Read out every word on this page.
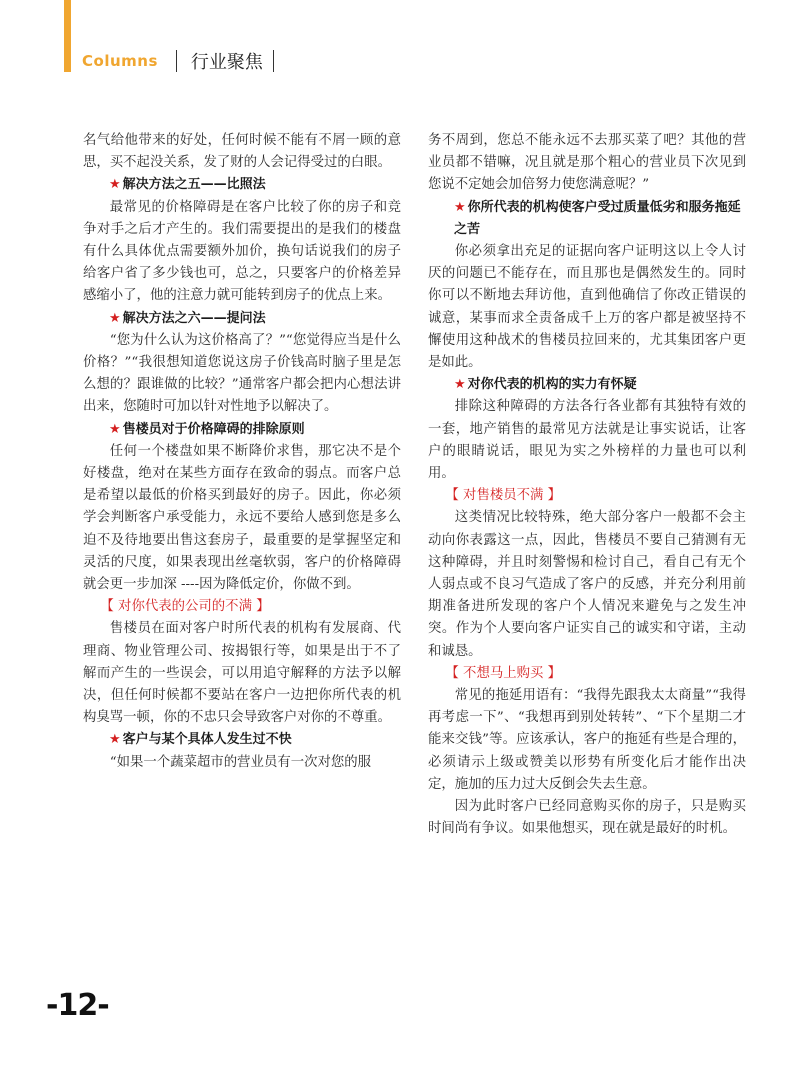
Columns 行业聚焦

名气给他带来的好处，任何时候不能有不屑一顾的意思，买不起没关系，发了财的人会记得受过的白眼。

★ 解决方法之五——比照法

最常见的价格障碍是在客户比较了你的房子和竞争对手之后才产生的。我们需要提出的是我们的楼盘有什么具体优点需要额外加价，换句话说我们的房子给客户省了多少钱也可，总之，只要客户的价格差异感缩小了，他的注意力就可能转到房子的优点上来。

★ 解决方法之六——提问法

“您为什么认为这价格高了？”“您觉得应当是什么价格？”“我很想知道您说这房子价钱高时脑子里是怎么想的？跟谁做的比较？”通常客户都会把内心想法讲出来，您随时可加以针对性地予以解决了。

★ 售楼员对于价格障碍的排除原则

任何一个楼盘如果不断降价求售，那它决不是个好楼盘，绝对在某些方面存在致命的弱点。而客户总是希望以最低的价格买到最好的房子。因此，你必须学会判断客户承受能力，永远不要给人感到您是多么迫不及待地要出售这套房子，最重要的是掌握坚定和灵活的尺度，如果表现出丝毫软弱，客户的价格障碍就会更一步加深 ----因为降低定价，你做不到。

【 对你代表的公司的不满 】

售楼员在面对客户时所代表的机构有发展商、代理商、物业管理公司、按揭银行等，如果是出于不了解而产生的一些误会，可以用追守解释的方法予以解决，但任何时候都不要站在客户一边把你所代表的机构臭骂一顿，你的不忠只会导致客户对你的不尊重。

★ 客户与某个具体人发生过不快

“如果一个蔬菜超市的营业员有一次对您的服

务不周到，您总不能永远不去那买菜了吧？其他的营业员都不错嘛，况且就是那个粗心的营业员下次见到您说不定她会加倍努力使您满意呢？”

★ 你所代表的机构使客户受过质量低劣和服务拖延之苦

你必须拿出充足的证据向客户证明这以上令人讨厌的问题已不能存在，而且那也是偶然发生的。同时你可以不断地去拜访他，直到他确信了你改正错误的诚意，某事而求全责备成千上万的客户都是被坚持不懈使用这种战术的售楼员拉回来的，尤其集团客户更是如此。

★ 对你代表的机构的实力有怀疑

排除这种障碍的方法各行各业都有其独特有效的一套，地产销售的最常见方法就是让事实说话，让客户的眼睛说话，眼见为实之外榜样的力量也可以利用。

【 对售楼员不满 】

这类情况比较特殊，绝大部分客户一般都不会主动向你表露这一点，因此，售楼员不要自己猜测有无这种障碍，并且时刻警惕和检讨自己，看自己有无个人弱点或不良习气造成了客户的反感，并充分利用前期准备进所发现的客户个人情况来避免与之发生冲突。作为个人要向客户证实自己的诚实和守诺，主动和诚恳。

【 不想马上购买 】

常见的拖延用语有：“我得先跟我太太商量”“我得再考虑一下”、“我想再到别处转转”、“下个星期二才能来交钱”等。应该承认，客户的拖延有些是合理的，必须请示上级或赞美以形势有所变化后才能作出决定，施加的压力过大反倒会失去生意。

因为此时客户已经同意购买你的房子，只是购买时间尚有争议。如果他想买，现在就是最好的时机。

-12-
